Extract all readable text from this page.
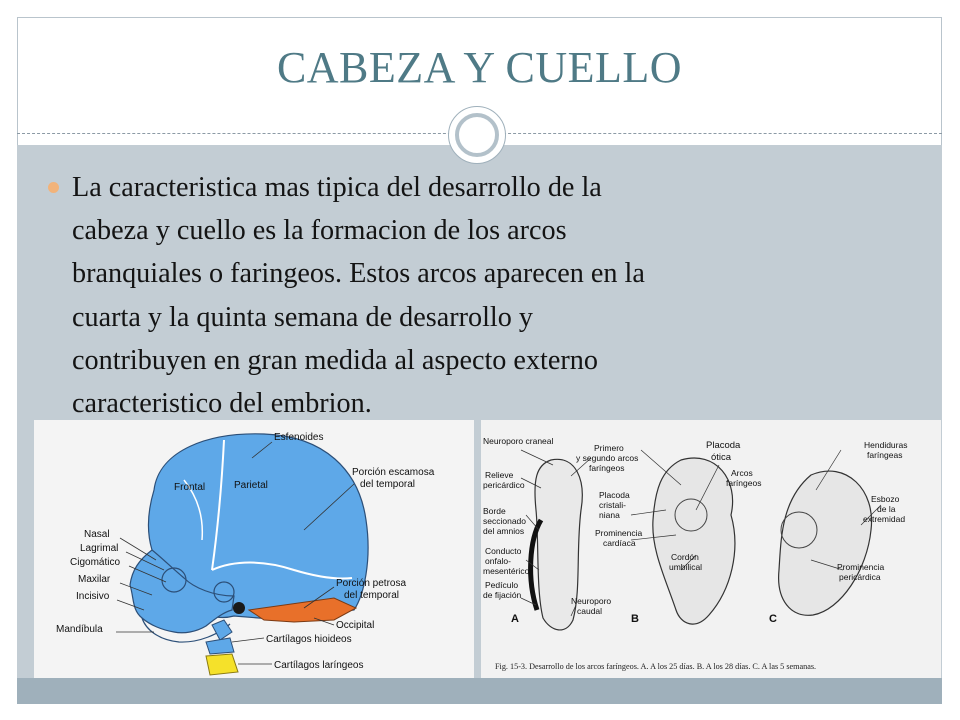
CABEZA Y CUELLO
La caracteristica mas tipica del desarrollo de la
cabeza y cuello es la formacion de los arcos
branquiales o faringeos. Estos arcos aparecen en la
cuarta y la quinta semana de desarrollo y
contribuyen en gran medida al aspecto externo
caracteristico del embrion.
Esfenoides
Frontal	Parietal
Porción escamosa
del temporal
Nasal
Lagrimal
Cigomático
Maxilar
Incisivo
Mandíbula
Porción petrosa
del temporal
Occipital
Cartílagos hioideos
Cartílagos laríngeos
Neuroporo craneal
Primero
y segundo arcos
faríngeos
Placoda
ótica
Hendiduras
faríngeas
Relieve
pericárdico
Arcos
faríngeos
Borde
seccionado
del amnios
Placoda
cristali-
niana
Esbozo
de la
extremidad
Prominencia
cardíaca
Conducto
onfalo-
mesentérico
Cordón
umbilical	Prominencia
pericárdica
Pedículo
de fijación
Neuroporo
caudal
A	B	C
Fig. 15-3. Desarrollo de los arcos faríngeos. A. A los 25 días. B. A los 28 días. C. A las 5 semanas.
